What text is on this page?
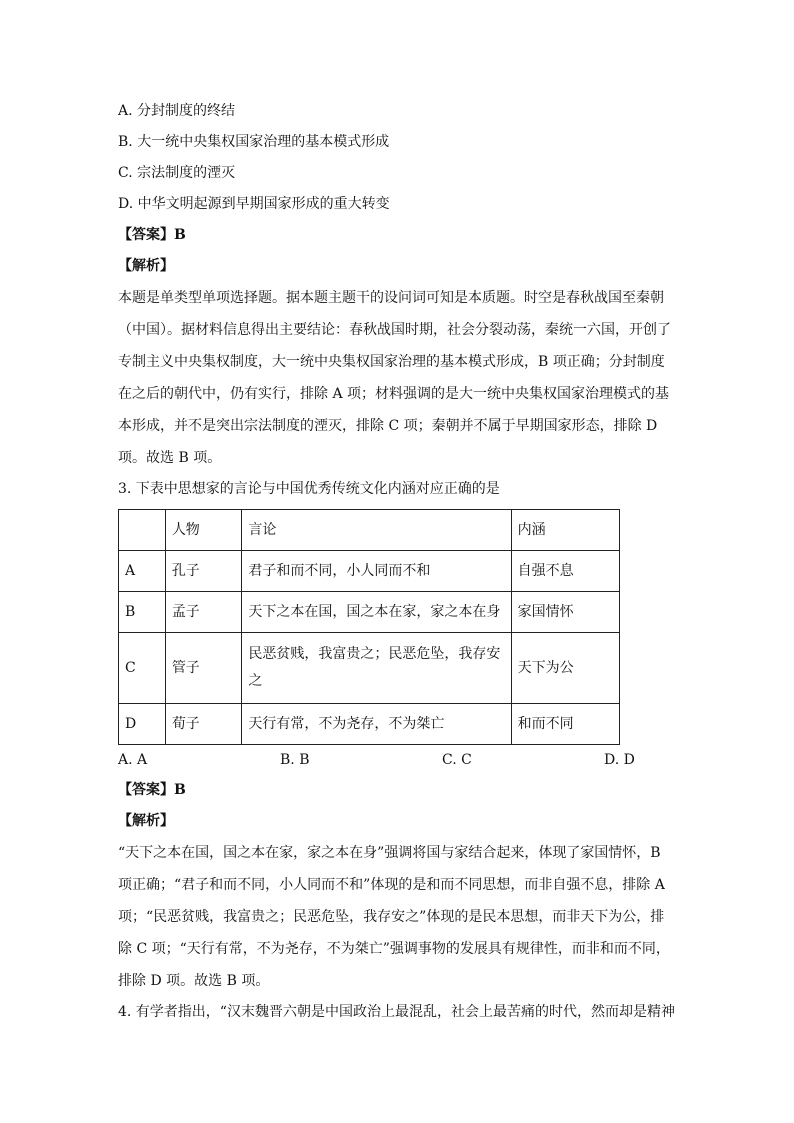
A. 分封制度的终结
B. 大一统中央集权国家治理的基本模式形成
C. 宗法制度的湮灭
D. 中华文明起源到早期国家形成的重大转变
【答案】B
【解析】
本题是单类型单项选择题。据本题主题干的设问词可知是本质题。时空是春秋战国至秦朝
（中国）。据材料信息得出主要结论：春秋战国时期，社会分裂动荡，秦统一六国，开创了
专制主义中央集权制度，大一统中央集权国家治理的基本模式形成，B 项正确；分封制度
在之后的朝代中，仍有实行，排除 A 项；材料强调的是大一统中央集权国家治理模式的基
本形成，并不是突出宗法制度的湮灭，排除 C 项；秦朝并不属于早期国家形态，排除 D
项。故选 B 项。
3. 下表中思想家的言论与中国优秀传统文化内涵对应正确的是
	人物	言论	内涵
A	孔子	君子和而不同，小人同而不和	自强不息
B	孟子	天下之本在国，国之本在家，家之本在身	家国情怀
C	管子	民恶贫贱，我富贵之；民恶危坠，我存安之	天下为公
D	荀子	天行有常，不为尧存，不为桀亡	和而不同
A. A	B. B	C. C	D. D
【答案】B
【解析】
“天下之本在国，国之本在家，家之本在身”强调将国与家结合起来，体现了家国情怀，B
项正确；“君子和而不同，小人同而不和”体现的是和而不同思想，而非自强不息，排除 A
项；“民恶贫贱，我富贵之；民恶危坠，我存安之”体现的是民本思想，而非天下为公，排
除 C 项；“天行有常，不为尧存，不为桀亡”强调事物的发展具有规律性，而非和而不同，
排除 D 项。故选 B 项。
4. 有学者指出，“汉末魏晋六朝是中国政治上最混乱，社会上最苦痛的时代，然而却是精神
